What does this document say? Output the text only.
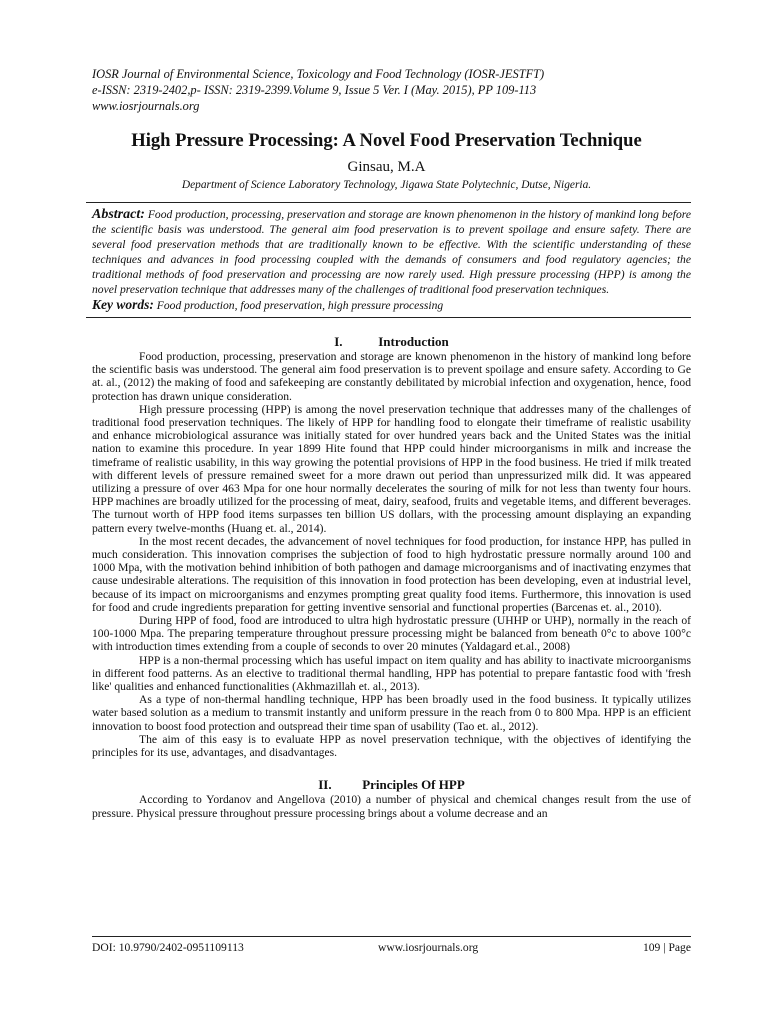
IOSR Journal of Environmental Science, Toxicology and Food Technology (IOSR-JESTFT)

e-ISSN: 2319-2402,p- ISSN: 2319-2399.Volume 9, Issue 5 Ver. I (May. 2015), PP 109-113

www.iosrjournals.org

High Pressure Processing: A Novel Food Preservation Technique

Ginsau, M.A

Department of Science Laboratory Technology, Jigawa State Polytechnic, Dutse, Nigeria.

Abstract: Food production, processing, preservation and storage are known phenomenon in the history of mankind long before the scientific basis was understood. The general aim food preservation is to prevent spoilage and ensure safety. There are several food preservation methods that are traditionally known to be effective. With the scientific understanding of these techniques and advances in food processing coupled with the demands of consumers and food regulatory agencies; the traditional methods of food preservation and processing are now rarely used. High pressure processing (HPP) is among the novel preservation technique that addresses many of the challenges of traditional food preservation techniques.

Key words: Food production, food preservation, high pressure processing

I.	Introduction

Food production, processing, preservation and storage are known phenomenon in the history of mankind long before the scientific basis was understood. The general aim food preservation is to prevent spoilage and ensure safety. According to Ge at. al., (2012) the making of food and safekeeping are constantly debilitated by microbial infection and oxygenation, hence, food protection has drawn unique consideration.

High pressure processing (HPP) is among the novel preservation technique that addresses many of the challenges of traditional food preservation techniques. The likely of HPP for handling food to elongate their timeframe of realistic usability and enhance microbiological assurance was initially stated for over hundred years back and the United States was the initial nation to examine this procedure. In year 1899 Hite found that HPP could hinder microorganisms in milk and increase the timeframe of realistic usability, in this way growing the potential provisions of HPP in the food business. He tried if milk treated with different levels of pressure remained sweet for a more drawn out period than unpressurized milk did. It was appeared utilizing a pressure of over 463 Mpa for one hour normally decelerates the souring of milk for not less than twenty four hours. HPP machines are broadly utilized for the processing of meat, dairy, seafood, fruits and vegetable items, and different beverages. The turnout worth of HPP food items surpasses ten billion US dollars, with the processing amount displaying an expanding pattern every twelve-months (Huang et. al., 2014).

In the most recent decades, the advancement of novel techniques for food production, for instance HPP, has pulled in much consideration. This innovation comprises the subjection of food to high hydrostatic pressure normally around 100 and 1000 Mpa, with the motivation behind inhibition of both pathogen and damage microorganisms and of inactivating enzymes that cause undesirable alterations. The requisition of this innovation in food protection has been developing, even at industrial level, because of its impact on microorganisms and enzymes prompting great quality food items. Furthermore, this innovation is used for food and crude ingredients preparation for getting inventive sensorial and functional properties (Barcenas et. al., 2010).

During HPP of food, food are introduced to ultra high hydrostatic pressure (UHHP or UHP), normally in the reach of 100-1000 Mpa. The preparing temperature throughout pressure processing might be balanced from beneath 0°c to above 100°c with introduction times extending from a couple of seconds to over 20 minutes (Yaldagard et.al., 2008)

HPP is a non-thermal processing which has useful impact on item quality and has ability to inactivate microorganisms in different food patterns. As an elective to traditional thermal handling, HPP has potential to prepare fantastic food with 'fresh like' qualities and enhanced functionalities (Akhmazillah et. al., 2013).

As a type of non-thermal handling technique, HPP has been broadly used in the food business. It typically utilizes water based solution as a medium to transmit instantly and uniform pressure in the reach from 0 to 800 Mpa. HPP is an efficient innovation to boost food protection and outspread their time span of usability (Tao et. al., 2012).

The aim of this easy is to evaluate HPP as novel preservation technique, with the objectives of identifying the principles for its use, advantages, and disadvantages.

II. Principles Of HPP

According to Yordanov and Angellova (2010) a number of physical and chemical changes result from the use of pressure. Physical pressure throughout pressure processing brings about a volume decrease and an

DOI: 10.9790/2402-0951109113	www.iosrjournals.org	109 | Page
